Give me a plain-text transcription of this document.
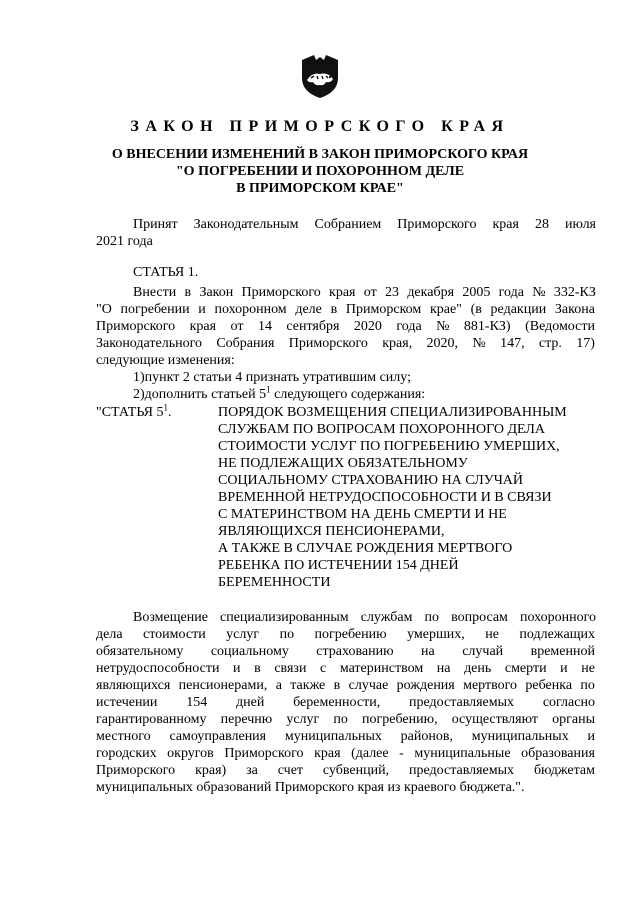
ЗАКОН ПРИМОРСКОГО КРАЯ
О ВНЕСЕНИИ ИЗМЕНЕНИЙ В ЗАКОН ПРИМОРСКОГО КРАЯ
"О ПОГРЕБЕНИИ И ПОХОРОННОМ ДЕЛЕ
В ПРИМОРСКОМ КРАЕ"
Принят Законодательным Собранием Приморского края 28 июля
2021 года
СТАТЬЯ 1.
Внести в Закон Приморского края от 23 декабря 2005 года № 332-КЗ
"О погребении и похоронном деле в Приморском крае" (в редакции Закона
Приморского края от 14 сентября 2020 года № 881-КЗ) (Ведомости
Законодательного Собрания Приморского края, 2020, № 147, стр. 17)
следующие изменения:
1)пункт 2 статьи 4 признать утратившим силу;
2)дополнить статьей $5^1$ следующего содержания:
"СТАТЬЯ $5^1$.	ПОРЯДОК ВОЗМЕЩЕНИЯ СПЕЦИАЛИЗИРОВАННЫМ
СЛУЖБАМ ПО ВОПРОСАМ ПОХОРОННОГО ДЕЛА
СТОИМОСТИ УСЛУГ ПО ПОГРЕБЕНИЮ УМЕРШИХ,
НЕ ПОДЛЕЖАЩИХ ОБЯЗАТЕЛЬНОМУ
СОЦИАЛЬНОМУ СТРАХОВАНИЮ НА СЛУЧАЙ
ВРЕМЕННОЙ НЕТРУДОСПОСОБНОСТИ И В СВЯЗИ
С МАТЕРИНСТВОМ НА ДЕНЬ СМЕРТИ И НЕ
ЯВЛЯЮЩИХСЯ ПЕНСИОНЕРАМИ,
А ТАКЖЕ В СЛУЧАЕ РОЖДЕНИЯ МЕРТВОГО
РЕБЕНКА ПО ИСТЕЧЕНИИ 154 ДНЕЙ
БЕРЕМЕННОСТИ
Возмещение специализированным службам по вопросам похоронного
дела стоимости услуг по погребению умерших, не подлежащих
обязательному социальному страхованию на случай временной
нетрудоспособности и в связи с материнством на день смерти и не
являющихся пенсионерами, а также в случае рождения мертвого ребенка по
истечении 154 дней беременности, предоставляемых согласно
гарантированному перечню услуг по погребению, осуществляют органы
местного самоуправления муниципальных районов, муниципальных и
городских округов Приморского края (далее - муниципальные образования
Приморского края) за счет субвенций, предоставляемых бюджетам
муниципальных образований Приморского края из краевого бюджета.".
